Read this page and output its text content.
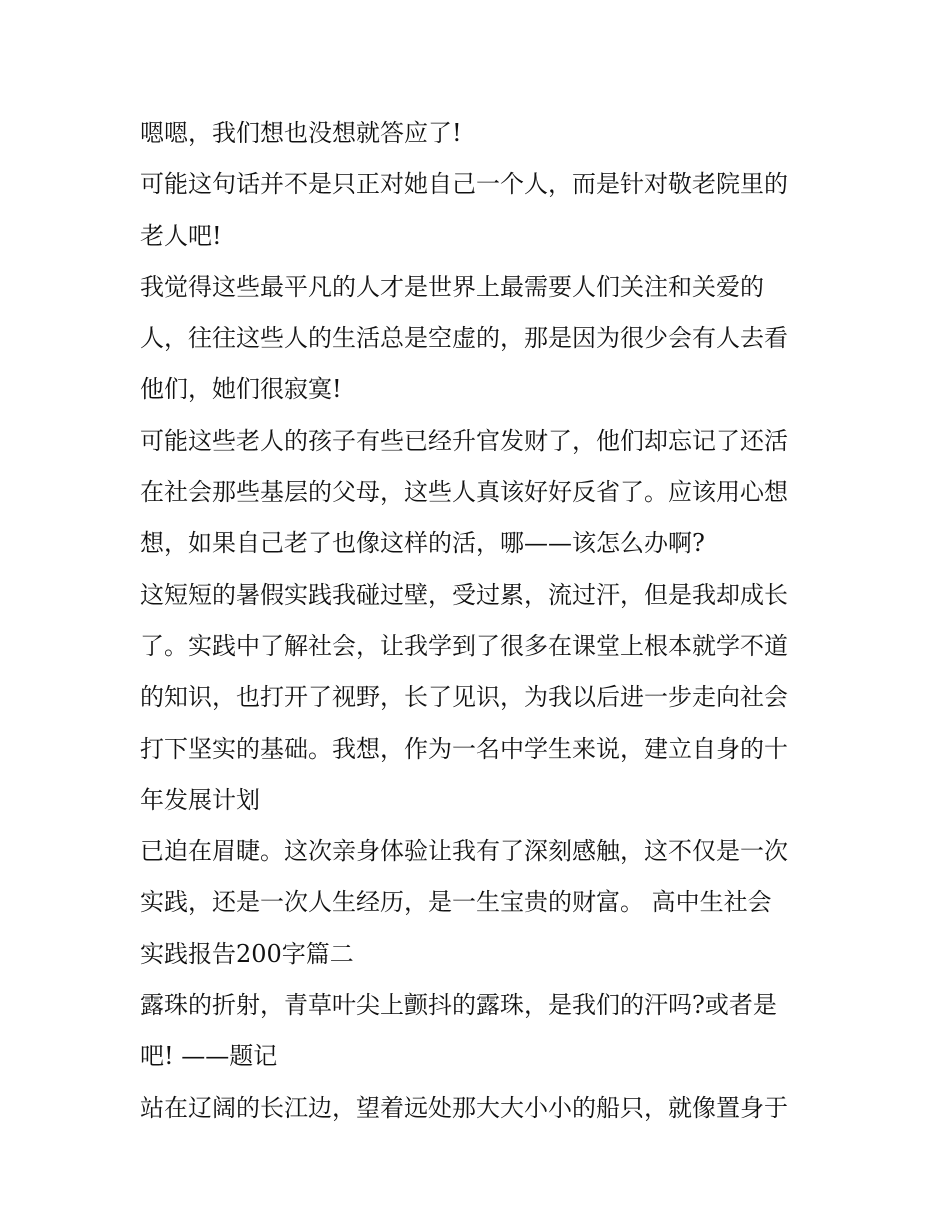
嗯嗯，我们想也没想就答应了!
可能这句话并不是只正对她自己一个人，而是针对敬老院里的
老人吧!
我觉得这些最平凡的人才是世界上最需要人们关注和关爱的
人，往往这些人的生活总是空虚的，那是因为很少会有人去看
他们，她们很寂寞!
可能这些老人的孩子有些已经升官发财了，他们却忘记了还活
在社会那些基层的父母，这些人真该好好反省了。应该用心想
想，如果自己老了也像这样的活，哪——该怎么办啊?
这短短的暑假实践我碰过壁，受过累，流过汗，但是我却成长
了。实践中了解社会，让我学到了很多在课堂上根本就学不道
的知识，也打开了视野，长了见识，为我以后进一步走向社会
打下坚实的基础。我想，作为一名中学生来说，建立自身的十
年发展计划
已迫在眉睫。这次亲身体验让我有了深刻感触，这不仅是一次
实践，还是一次人生经历，是一生宝贵的财富。 高中生社会
实践报告200字篇二
露珠的折射，青草叶尖上颤抖的露珠，是我们的汗吗?或者是
吧! ——题记
站在辽阔的长江边，望着远处那大大小小的船只，就像置身于
